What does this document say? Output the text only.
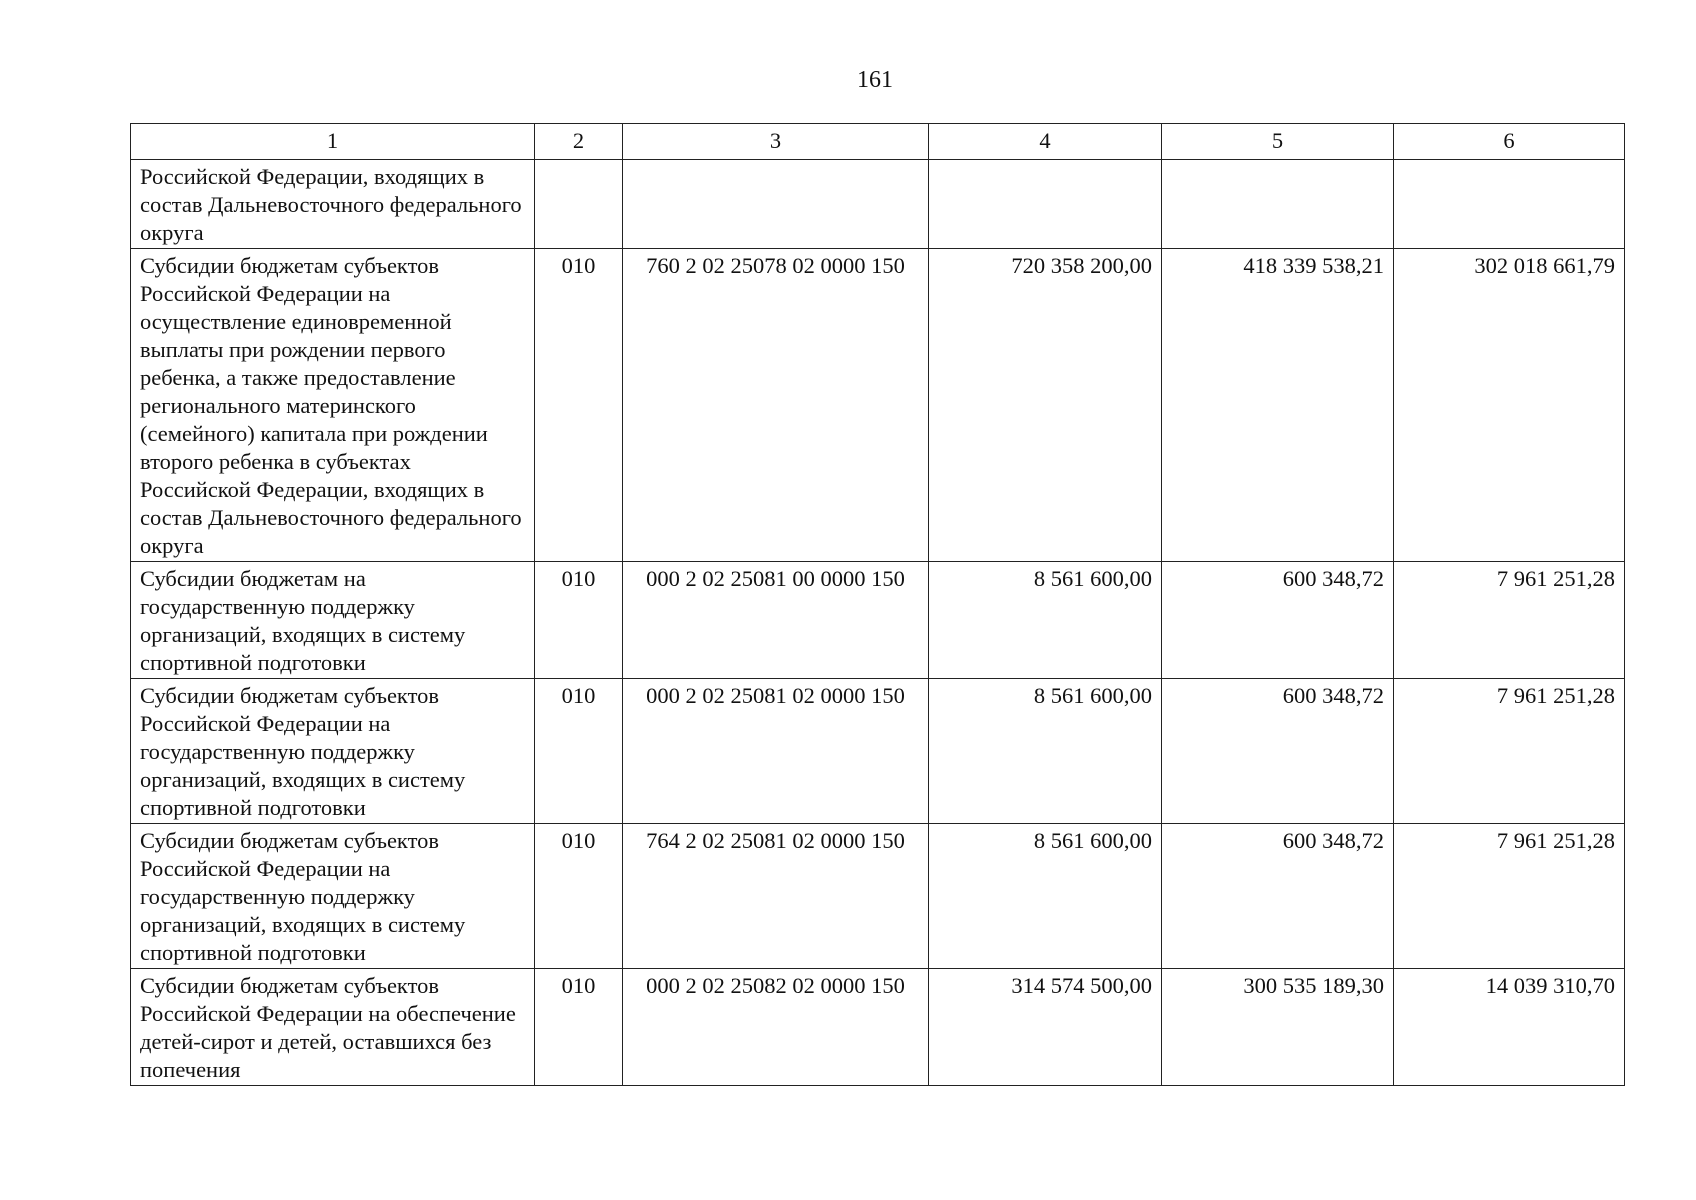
161
1	2	3	4	5	6
Российской Федерации, входящих в состав Дальневосточного федерального округа					
Субсидии бюджетам субъектов Российской Федерации на осуществление единовременной выплаты при рождении первого ребенка, а также предоставление регионального материнского (семейного) капитала при рождении второго ребенка в субъектах Российской Федерации, входящих в состав Дальневосточного федерального округа	010	760 2 02 25078 02 0000 150	720 358 200,00	418 339 538,21	302 018 661,79
Субсидии бюджетам на государственную поддержку организаций, входящих в систему спортивной подготовки	010	000 2 02 25081 00 0000 150	8 561 600,00	600 348,72	7 961 251,28
Субсидии бюджетам субъектов Российской Федерации на государственную поддержку организаций, входящих в систему спортивной подготовки	010	000 2 02 25081 02 0000 150	8 561 600,00	600 348,72	7 961 251,28
Субсидии бюджетам субъектов Российской Федерации на государственную поддержку организаций, входящих в систему спортивной подготовки	010	764 2 02 25081 02 0000 150	8 561 600,00	600 348,72	7 961 251,28
Субсидии бюджетам субъектов Российской Федерации на обеспечение детей-сирот и детей, оставшихся без попечения	010	000 2 02 25082 02 0000 150	314 574 500,00	300 535 189,30	14 039 310,70
